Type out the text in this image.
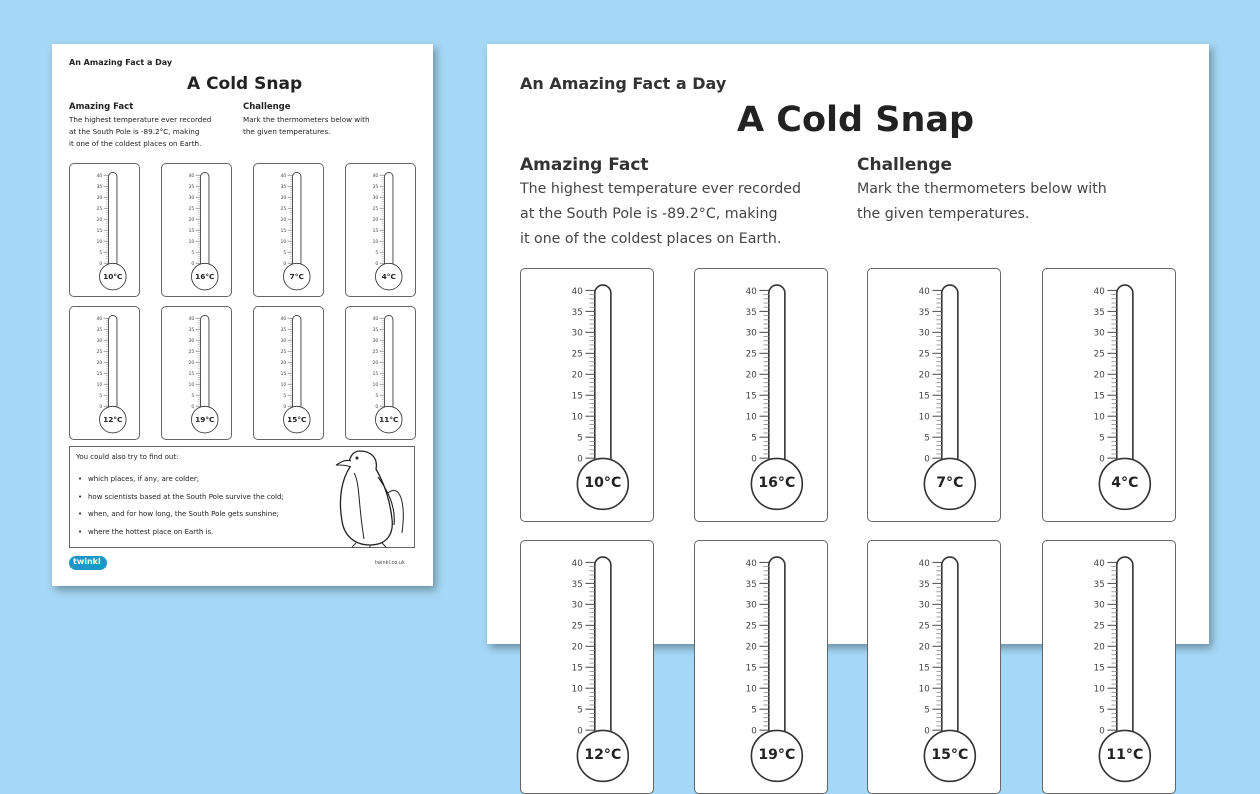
An Amazing Fact a Day

A Cold Snap

Amazing Fact

The highest temperature ever recorded

at the South Pole is -89.2°C, making

it one of the coldest places on Earth.

Challenge

Mark the thermometers below with

the given temperatures.

40
35
30
25
20
15
10
5
0
10°C
40
35
30
25
20
15
10
5
0
16°C
40
35
30
25
20
15
10
5
0
7°C
40
35
30
25
20
15
10
5
0
4°C
40
35
30
25
20
15
10
5
0
12°C
40
35
30
25
20
15
10
5
0
19°C
40
35
30
25
20
15
10
5
0
15°C
40
35
30
25
20
15
10
5
0
11°C

You could also try to find out:

• which places, if any, are colder;
• how scientists based at the South Pole survive the cold;
• when, and for how long, the South Pole gets sunshine;
• where the hottest place on Earth is.
twinkl	twinkl.co.uk

An Amazing Fact a Day

A Cold Snap

Amazing Fact

The highest temperature ever recorded

at the South Pole is -89.2°C, making

it one of the coldest places on Earth.

Challenge

Mark the thermometers below with

the given temperatures.

40
35
30
25
20
15
10
5
0
10°C
40
35
30
25
20
15
10
5
0
16°C
40
35
30
25
20
15
10
5
0
7°C
40
35
30
25
20
15
10
5
0
4°C
40
35
30
25
20
15
10
5
0
12°C
40
35
30
25
20
15
10
5
0
19°C
40
35
30
25
20
15
10
5
0
15°C
40
35
30
25
20
15
10
5
0
11°C
